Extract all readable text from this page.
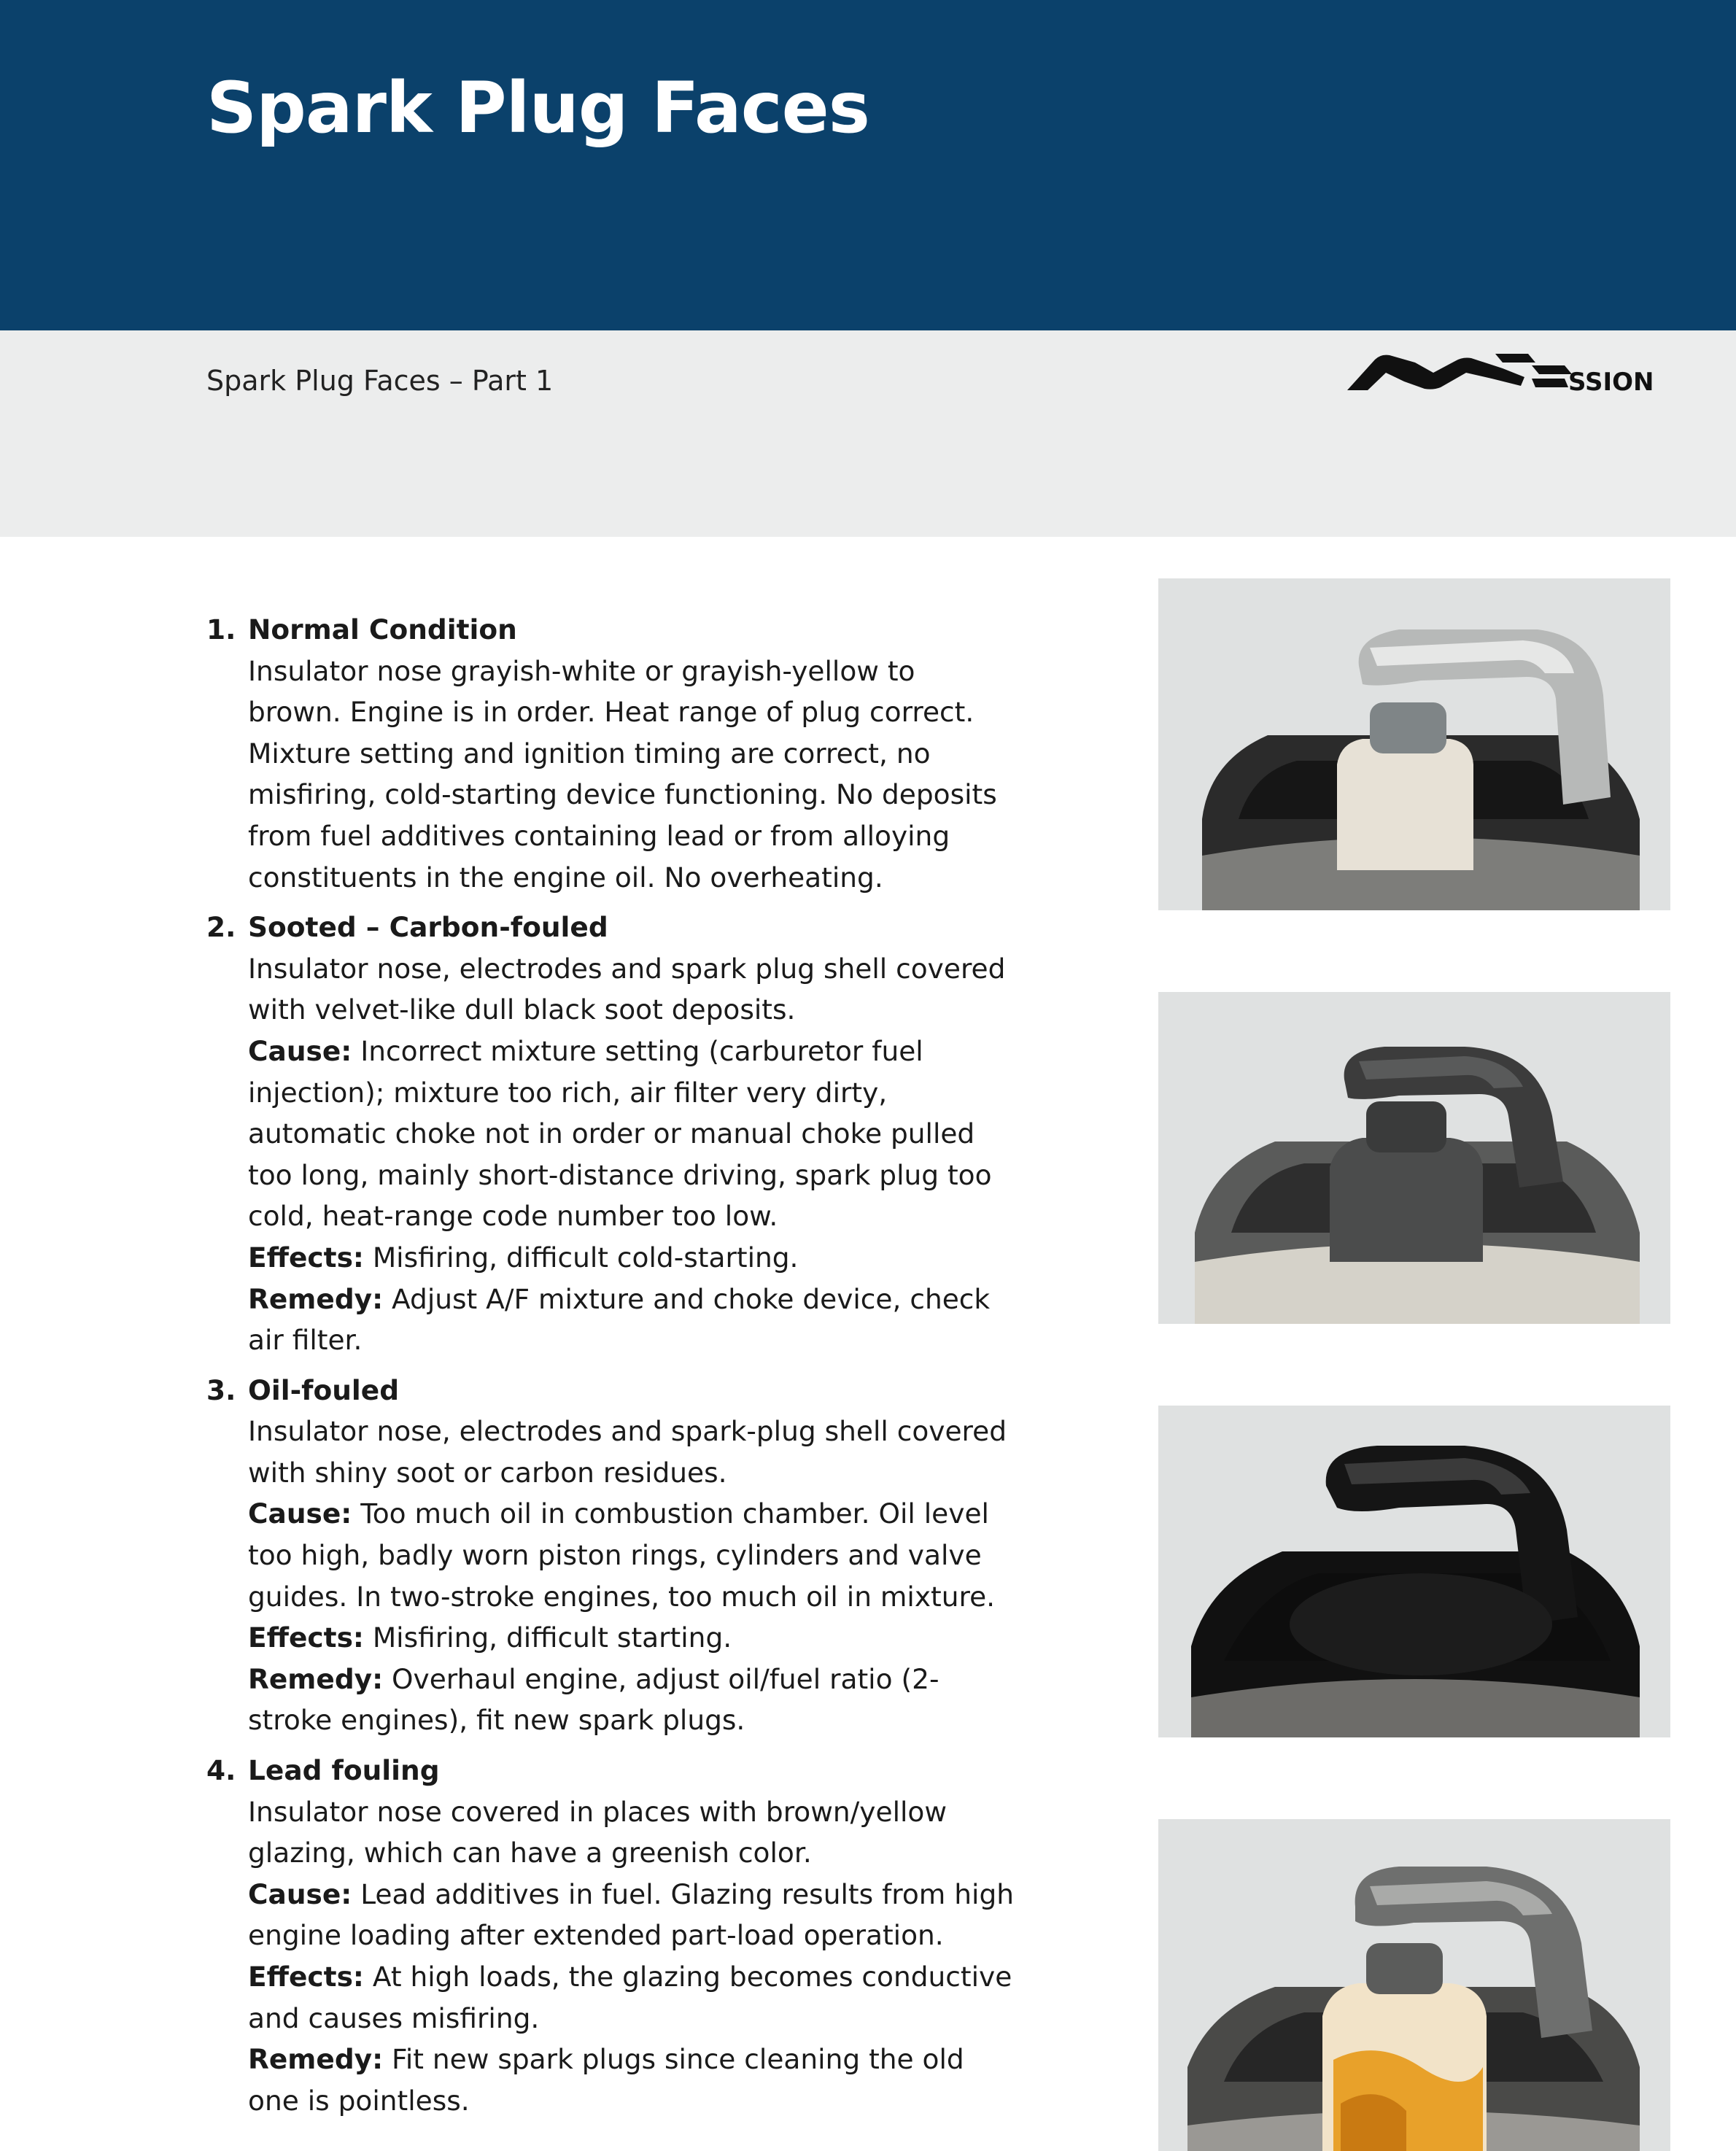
Spark Plug Faces

Spark Plug Faces – Part 1	SSION
1. Normal Condition
Insulator nose grayish-white or grayish-yellow to brown. Engine is in order. Heat range of plug correct. Mixture setting and ignition timing are correct, no misfiring, cold-starting device functioning. No deposits from fuel additives containing lead or from alloying constituents in the engine oil. No overheating.
2. Sooted – Carbon-fouled
Insulator nose, electrodes and spark plug shell covered with velvet-like dull black soot deposits.
Cause: Incorrect mixture setting (carburetor fuel injection); mixture too rich, air filter very dirty, automatic choke not in order or manual choke pulled too long, mainly short-distance driving, spark plug too cold, heat-range code number too low.
Effects: Misfiring, difficult cold-starting.
Remedy: Adjust A/F mixture and choke device, check air filter.
3. Oil-fouled
Insulator nose, electrodes and spark-plug shell covered with shiny soot or carbon residues.
Cause: Too much oil in combustion chamber. Oil level too high, badly worn piston rings, cylinders and valve guides. In two-stroke engines, too much oil in mixture.
Effects: Misfiring, difficult starting.
Remedy: Overhaul engine, adjust oil/fuel ratio (2-stroke engines), fit new spark plugs.
4. Lead fouling
Insulator nose covered in places with brown/yellow glazing, which can have a greenish color.
Cause: Lead additives in fuel. Glazing results from high engine loading after extended part-load operation.
Effects: At high loads, the glazing becomes conductive and causes misfiring.
Remedy: Fit new spark plugs since cleaning the old one is pointless.
